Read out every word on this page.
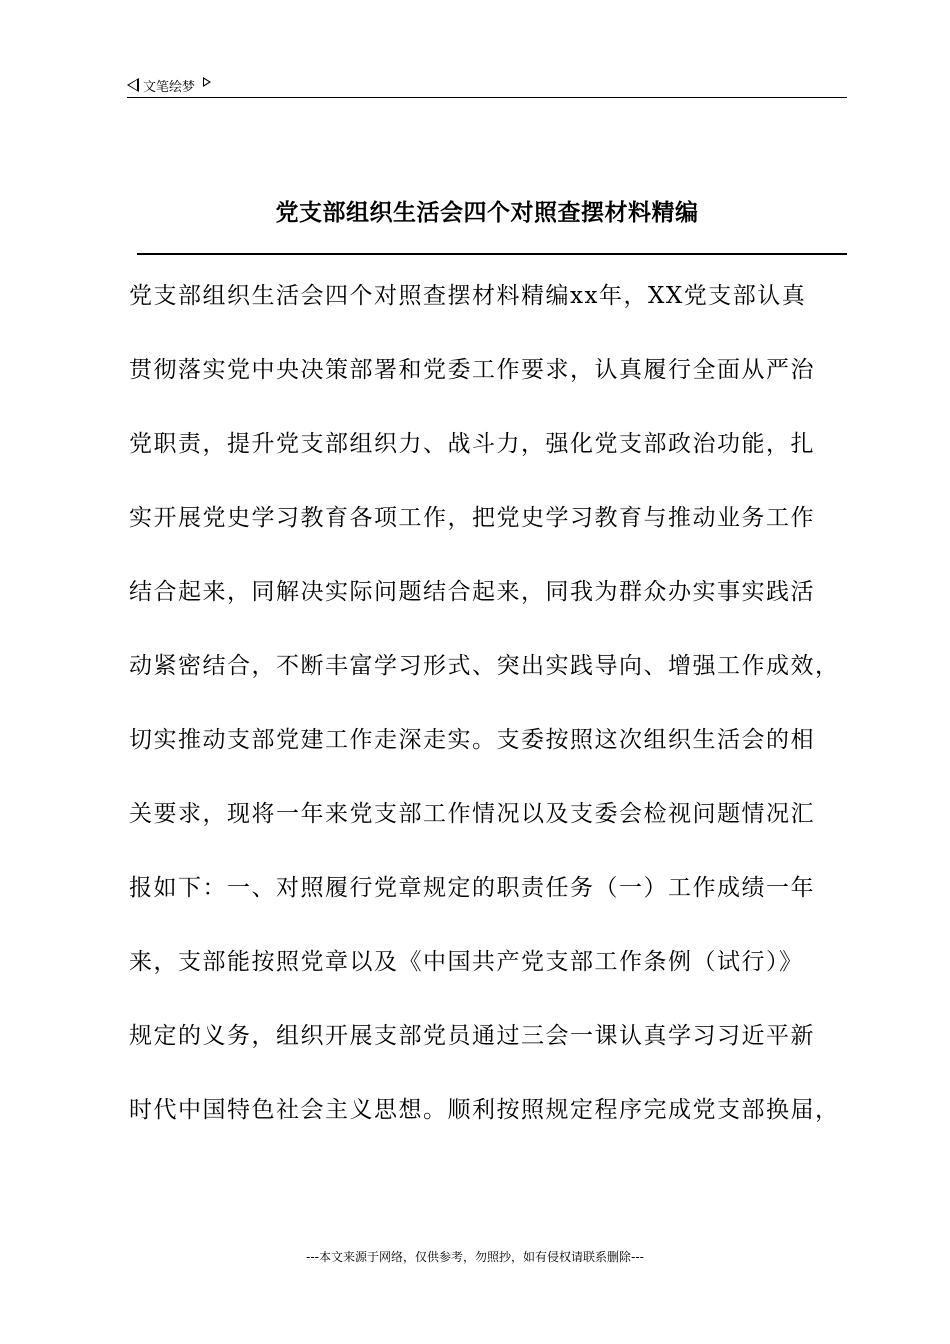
文笔绘梦
党支部组织生活会四个对照查摆材料精编
党支部组织生活会四个对照查摆材料精编xx年，XX党支部认真
贯彻落实党中央决策部署和党委工作要求，认真履行全面从严治
党职责，提升党支部组织力、战斗力，强化党支部政治功能，扎
实开展党史学习教育各项工作，把党史学习教育与推动业务工作
结合起来，同解决实际问题结合起来，同我为群众办实事实践活
动紧密结合，不断丰富学习形式、突出实践导向、增强工作成效，
切实推动支部党建工作走深走实。支委按照这次组织生活会的相
关要求，现将一年来党支部工作情况以及支委会检视问题情况汇
报如下：一、对照履行党章规定的职责任务（一）工作成绩一年
来，支部能按照党章以及《中国共产党支部工作条例（试行）》
规定的义务，组织开展支部党员通过三会一课认真学习习近平新
时代中国特色社会主义思想。顺利按照规定程序完成党支部换届，
---本文来源于网络，仅供参考，勿照抄，如有侵权请联系删除---
